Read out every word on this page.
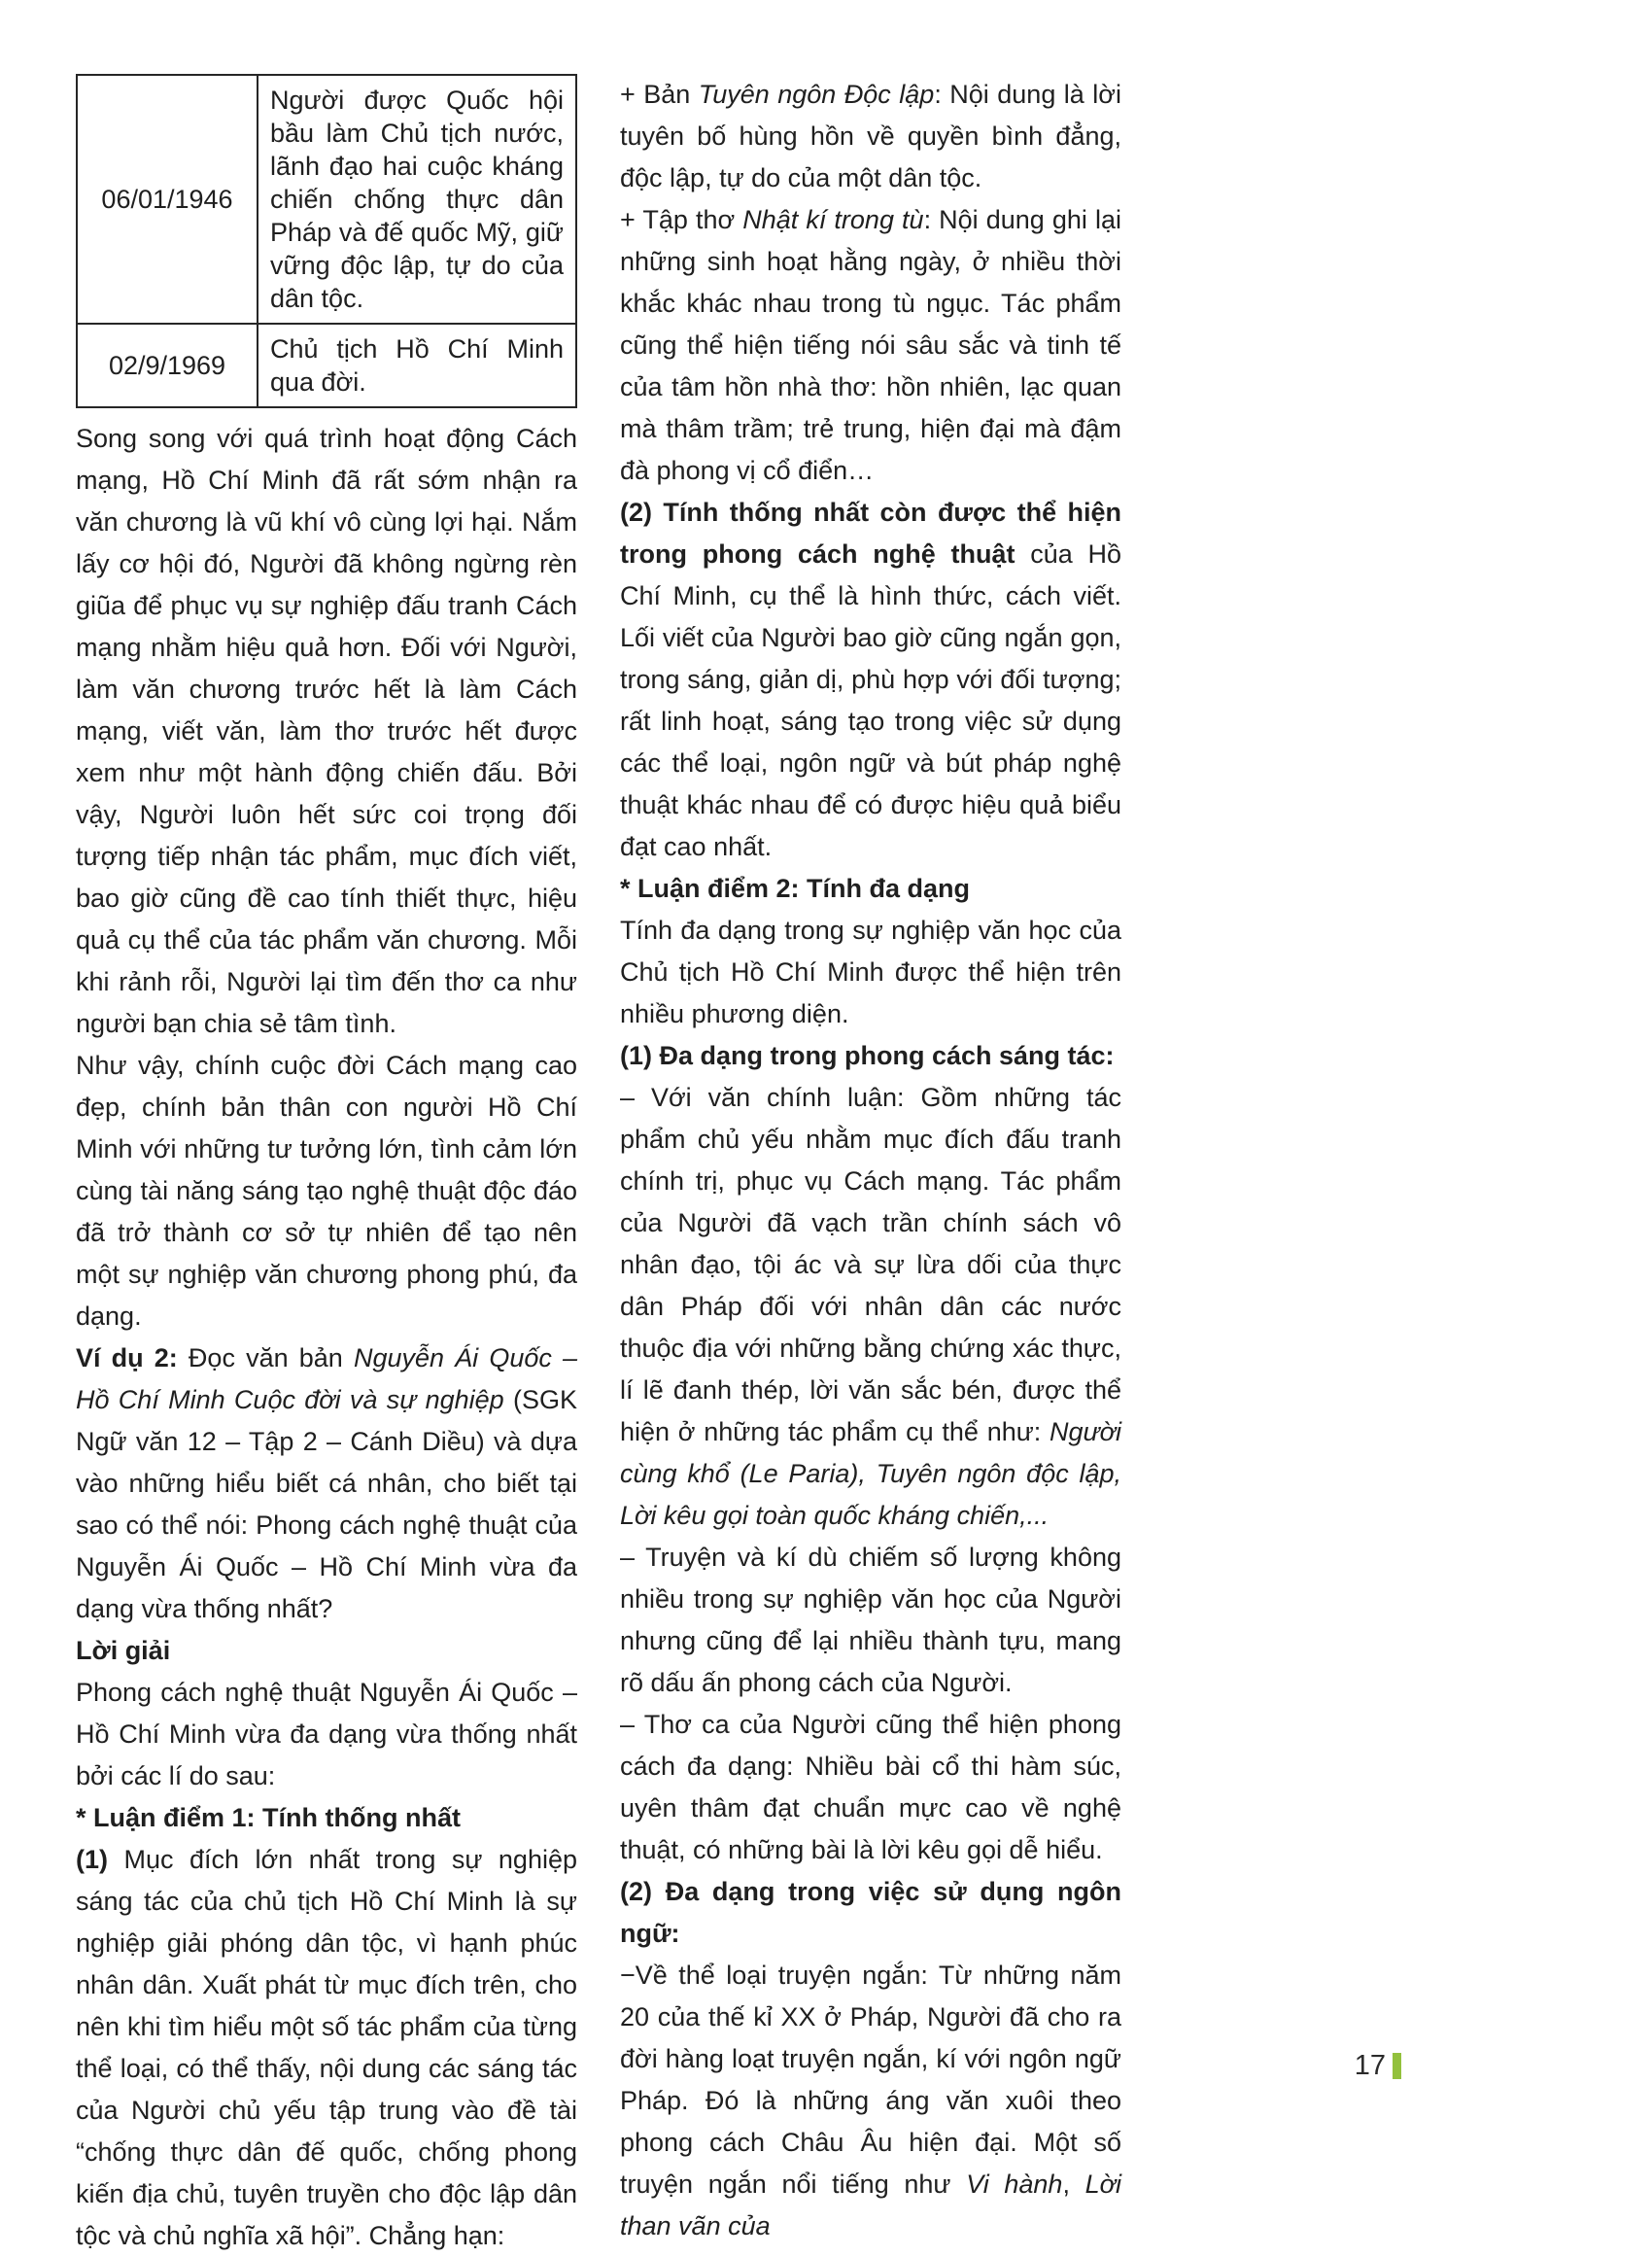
06/01/1946	Người được Quốc hội bầu làm Chủ tịch nước, lãnh đạo hai cuộc kháng chiến chống thực dân Pháp và đế quốc Mỹ, giữ vững độc lập, tự do của dân tộc.
02/9/1969	Chủ tịch Hồ Chí Minh qua đời.

Song song với quá trình hoạt động Cách mạng, Hồ Chí Minh đã rất sớm nhận ra văn chương là vũ khí vô cùng lợi hại. Nắm lấy cơ hội đó, Người đã không ngừng rèn giũa để phục vụ sự nghiệp đấu tranh Cách mạng nhằm hiệu quả hơn. Đối với Người, làm văn chương trước hết là làm Cách mạng, viết văn, làm thơ trước hết được xem như một hành động chiến đấu. Bởi vậy, Người luôn hết sức coi trọng đối tượng tiếp nhận tác phẩm, mục đích viết, bao giờ cũng đề cao tính thiết thực, hiệu quả cụ thể của tác phẩm văn chương. Mỗi khi rảnh rỗi, Người lại tìm đến thơ ca như người bạn chia sẻ tâm tình.

Như vậy, chính cuộc đời Cách mạng cao đẹp, chính bản thân con người Hồ Chí Minh với những tư tưởng lớn, tình cảm lớn cùng tài năng sáng tạo nghệ thuật độc đáo đã trở thành cơ sở tự nhiên để tạo nên một sự nghiệp văn chương phong phú, đa dạng.

Ví dụ 2: Đọc văn bản Nguyễn Ái Quốc – Hồ Chí Minh Cuộc đời và sự nghiệp (SGK Ngữ văn 12 – Tập 2 – Cánh Diều) và dựa vào những hiểu biết cá nhân, cho biết tại sao có thể nói: Phong cách nghệ thuật của Nguyễn Ái Quốc – Hồ Chí Minh vừa đa dạng vừa thống nhất?

Lời giải

Phong cách nghệ thuật Nguyễn Ái Quốc – Hồ Chí Minh vừa đa dạng vừa thống nhất bởi các lí do sau:

* Luận điểm 1: Tính thống nhất

(1) Mục đích lớn nhất trong sự nghiệp sáng tác của chủ tịch Hồ Chí Minh là sự nghiệp giải phóng dân tộc, vì hạnh phúc nhân dân. Xuất phát từ mục đích trên, cho nên khi tìm hiểu một số tác phẩm của từng thể loại, có thể thấy, nội dung các sáng tác của Người chủ yếu tập trung vào đề tài “chống thực dân đế quốc, chống phong kiến địa chủ, tuyên truyền cho độc lập dân tộc và chủ nghĩa xã hội”. Chẳng hạn:

+ Bản Tuyên ngôn Độc lập: Nội dung là lời tuyên bố hùng hồn về quyền bình đẳng, độc lập, tự do của một dân tộc.

+ Tập thơ Nhật kí trong tù: Nội dung ghi lại những sinh hoạt hằng ngày, ở nhiều thời khắc khác nhau trong tù ngục. Tác phẩm cũng thể hiện tiếng nói sâu sắc và tinh tế của tâm hồn nhà thơ: hồn nhiên, lạc quan mà thâm trầm; trẻ trung, hiện đại mà đậm đà phong vị cổ điển…

(2) Tính thống nhất còn được thể hiện trong phong cách nghệ thuật của Hồ Chí Minh, cụ thể là hình thức, cách viết. Lối viết của Người bao giờ cũng ngắn gọn, trong sáng, giản dị, phù hợp với đối tượng; rất linh hoạt, sáng tạo trong việc sử dụng các thể loại, ngôn ngữ và bút pháp nghệ thuật khác nhau để có được hiệu quả biểu đạt cao nhất.

* Luận điểm 2: Tính đa dạng

Tính đa dạng trong sự nghiệp văn học của Chủ tịch Hồ Chí Minh được thể hiện trên nhiều phương diện.

(1) Đa dạng trong phong cách sáng tác:

– Với văn chính luận: Gồm những tác phẩm chủ yếu nhằm mục đích đấu tranh chính trị, phục vụ Cách mạng. Tác phẩm của Người đã vạch trần chính sách vô nhân đạo, tội ác và sự lừa dối của thực dân Pháp đối với nhân dân các nước thuộc địa với những bằng chứng xác thực, lí lẽ đanh thép, lời văn sắc bén, được thể hiện ở những tác phẩm cụ thể như: Người cùng khổ (Le Paria), Tuyên ngôn độc lập, Lời kêu gọi toàn quốc kháng chiến,...

– Truyện và kí dù chiếm số lượng không nhiều trong sự nghiệp văn học của Người nhưng cũng để lại nhiều thành tựu, mang rõ dấu ấn phong cách của Người.

– Thơ ca của Người cũng thể hiện phong cách đa dạng: Nhiều bài cổ thi hàm súc, uyên thâm đạt chuẩn mực cao về nghệ thuật, có những bài là lời kêu gọi dễ hiểu.

(2) Đa dạng trong việc sử dụng ngôn ngữ:

−Về thể loại truyện ngắn: Từ những năm 20 của thế kỉ XX ở Pháp, Người đã cho ra đời hàng loạt truyện ngắn, kí với ngôn ngữ Pháp. Đó là những áng văn xuôi theo phong cách Châu Âu hiện đại. Một số truyện ngắn nổi tiếng như Vi hành, Lời than vãn của

17
